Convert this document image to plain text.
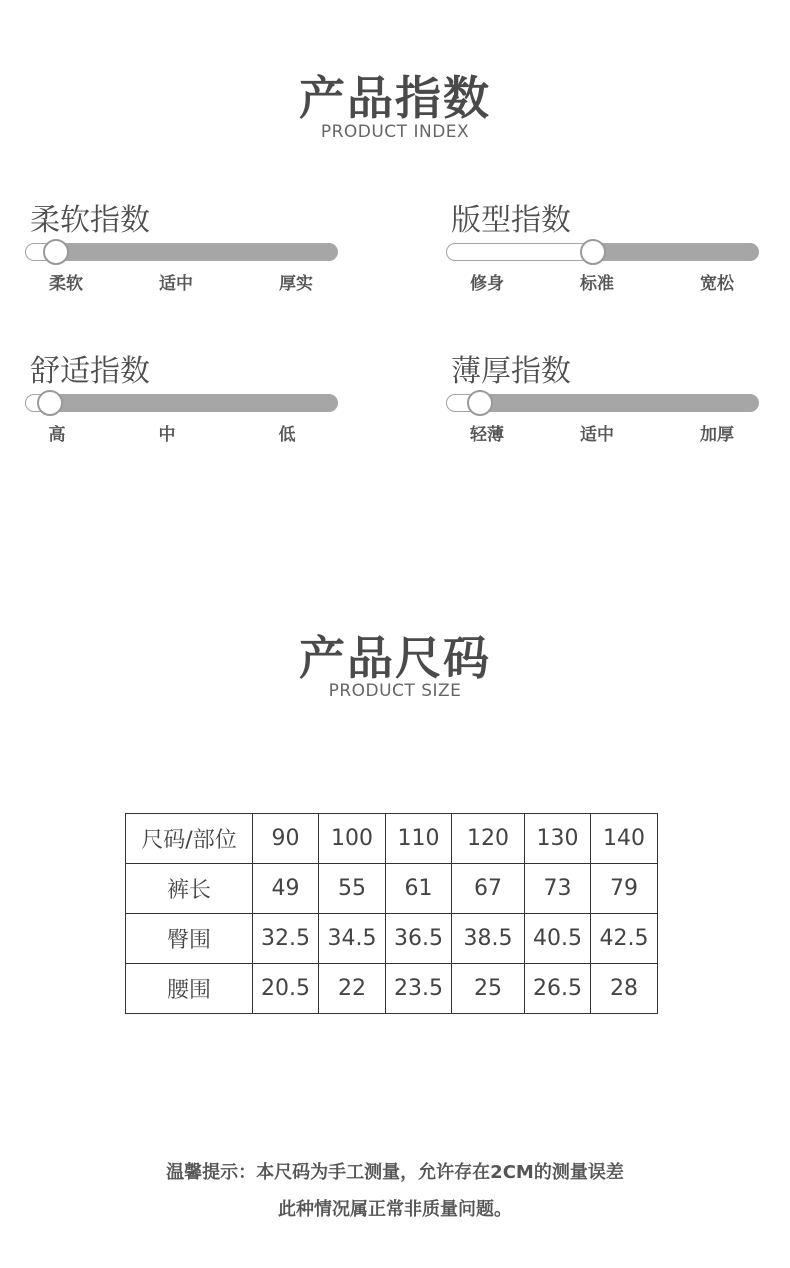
产品指数
PRODUCT INDEX
柔软指数
柔软	适中	厚实
版型指数
修身	标准	宽松
舒适指数
高	中	低
薄厚指数
轻薄	适中	加厚
产品尺码
PRODUCT SIZE
尺码/部位	90	100	110	120	130	140
裤长	49	55	61	67	73	79
臀围	32.5	34.5	36.5	38.5	40.5	42.5
腰围	20.5	22	23.5	25	26.5	28
温馨提示：本尺码为手工测量，允许存在2CM的测量误差
此种情况属正常非质量问题。
